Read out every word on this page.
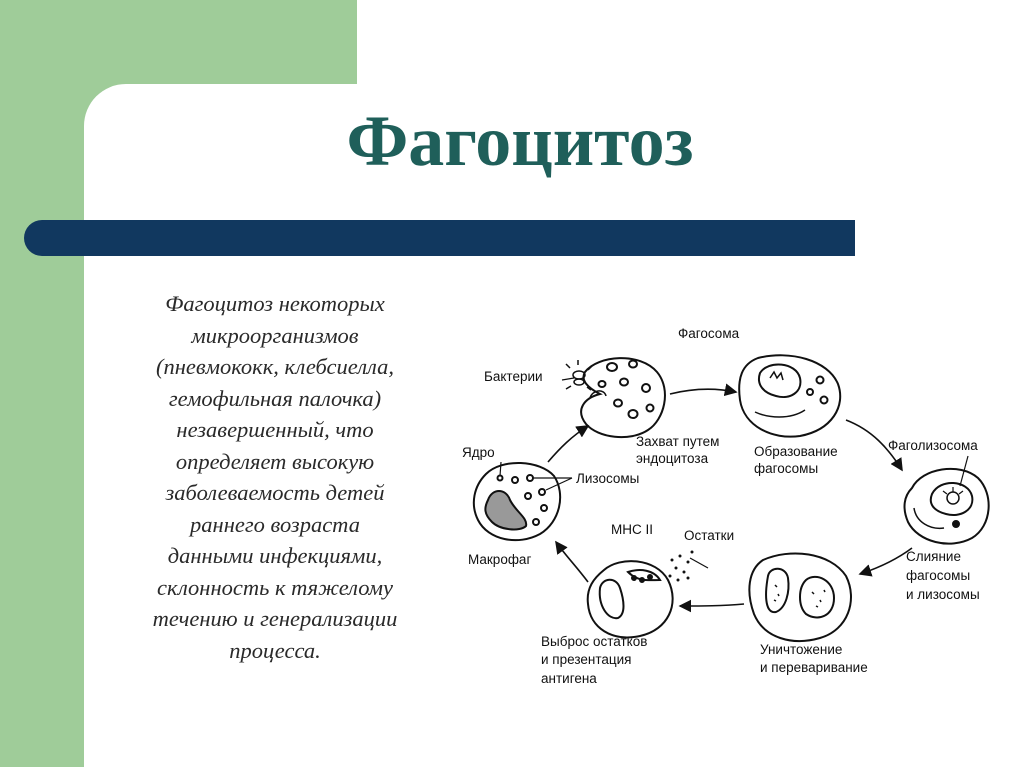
Фагоцитоз
Фагоцитоз некоторых
микроорганизмов
(пневмококк, клебсиелла,
гемофильная палочка)
незавершенный, что
определяет высокую
заболеваемость детей
раннего возраста
данными инфекциями,
склонность к тяжелому
течению и генерализации
процесса.
Фагосома
Бактерии
Захват путем
эндоцитоза	Образование
фагосомы
Фаголизосома
Ядро
Лизосомы
Макрофаг
МНС II Остатки
Слияние
фагосомы
и лизосомы
Выброс остатков
и презентация
антигена
Уничтожение
и переваривание
